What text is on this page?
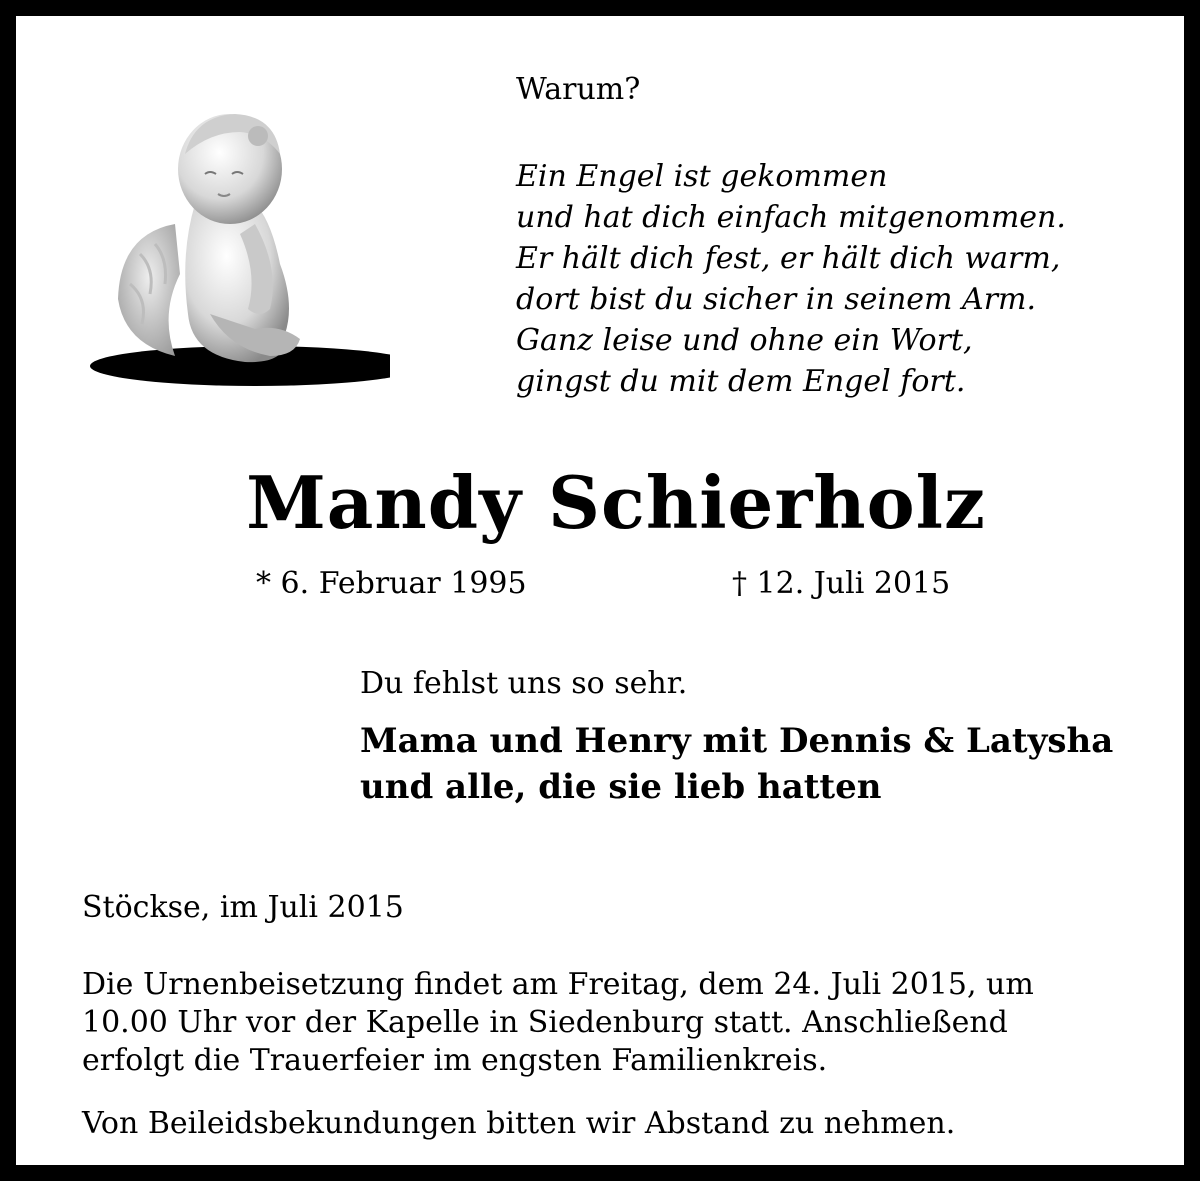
Warum?

Ein Engel ist gekommen
und hat dich einfach mitgenommen.
Er hält dich fest, er hält dich warm,
dort bist du sicher in seinem Arm.
Ganz leise und ohne ein Wort,
gingst du mit dem Engel fort.

Mandy Schierholz

* 6. Februar 1995	† 12. Juli 2015

Du fehlst uns so sehr.

Mama und Henry mit Dennis & Latysha
und alle, die sie lieb hatten

Stöckse, im Juli 2015

Die Urnenbeisetzung findet am Freitag, dem 24. Juli 2015, um
10.00 Uhr vor der Kapelle in Siedenburg statt. Anschließend
erfolgt die Trauerfeier im engsten Familienkreis.

Von Beileidsbekundungen bitten wir Abstand zu nehmen.
